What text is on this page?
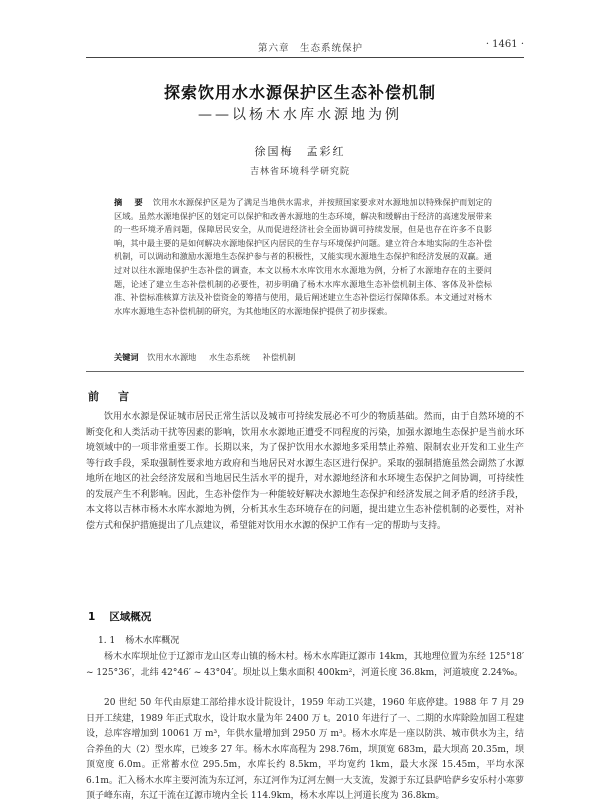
第六章　生态系统保护	· 1461 ·
探索饮用水水源保护区生态补偿机制
——以杨木水库水源地为例
徐国梅　孟彩红
吉林省环境科学研究院
摘　要 饮用水水源保护区是为了满足当地供水需求，并按照国家要求对水源地加以特殊保护而划定的区域。虽然水源地保护区的划定可以保护和改善水源地的生态环境，解决和缓解由于经济的高速发展带来的一些环境矛盾问题，保障居民安全，从而促进经济社会全面协调可持续发展，但是也存在许多不良影响，其中最主要的是如何解决水源地保护区内居民的生存与环境保护问题。建立符合本地实际的生态补偿机制，可以调动和激励水源地生态保护参与者的积极性，又能实现水源地生态保护和经济发展的双赢。通过对以往水源地保护生态补偿的调查，本文以杨木水库饮用水水源地为例，分析了水源地存在的主要问题，论述了建立生态补偿机制的必要性，初步明确了杨木水库水源地生态补偿机制主体、客体及补偿标准、补偿标准核算方法及补偿资金的筹措与使用，最后阐述建立生态补偿运行保障体系。本文通过对杨木水库水源地生态补偿机制的研究，为其他地区的水源地保护提供了初步探索。
关键词 饮用水水源地 水生态系统 补偿机制
前　言
饮用水水源是保证城市居民正常生活以及城市可持续发展必不可少的物质基础。然而，由于自然环境的不断变化和人类活动干扰等因素的影响，饮用水水源地正遭受不同程度的污染，加强水源地生态保护是当前水环境领域中的一项非常重要工作。长期以来，为了保护饮用水水源地多采用禁止养殖、限制农业开发和工业生产等行政手段，采取强制性要求地方政府和当地居民对水源生态区进行保护。采取的强制措施虽然会副然了水源地所在地区的社会经济发展和当地居民生活水平的提升，对水源地经济和水环境生态保护之间协调，可持续性的发展产生不利影响。因此，生态补偿作为一种能较好解决水源地生态保护和经济发展之间矛盾的经济手段，本文将以吉林市杨木水库水源地为例，分析其水生态环境存在的问题，提出建立生态补偿机制的必要性，对补偿方式和保护措施提出了几点建议，希望能对饮用水水源的保护工作有一定的帮助与支持。
1 区域概况
1. 1 杨木水库概况
杨木水库坝址位于辽源市龙山区寿山镇的杨木村。杨木水库距辽源市 14km，其地理位置为东经 125°18′ ~ 125°36′，北纬 42°46′ ~ 43°04′。坝址以上集水面积 400km²，河道长度 36.8km，河道坡度 2.24‰。
20 世纪 50 年代由原建工部给排水设计院设计，1959 年动工兴建，1960 年底停建。1988 年 7 月 29 日开工续建，1989 年正式取水，设计取水量为年 2400 万 t。2010 年进行了一、二期的水库除险加固工程建设，总库容增加到 10061 万 m³，年供水量增加到 2950 万 m³。杨木水库是一座以防洪、城市供水为主，结合养鱼的大（2）型水库，已竣多 27 年。杨木水库高程为 298.76m，坝顶宽 683m，最大坝高 20.35m，坝顶宽度 6.0m。正常蓄水位 295.5m，水库长约 8.5km，平均宽约 1km，最大水深 15.45m，平均水深 6.1m。汇入杨木水库主要河流为东辽河，东辽河作为辽河左侧一大支流，发源于东辽县萨哈萨乡安乐村小寒萝顶子峰东南，东辽干流在辽源市境内全长 114.9km，杨木水库以上河道长度为 36.8km。
